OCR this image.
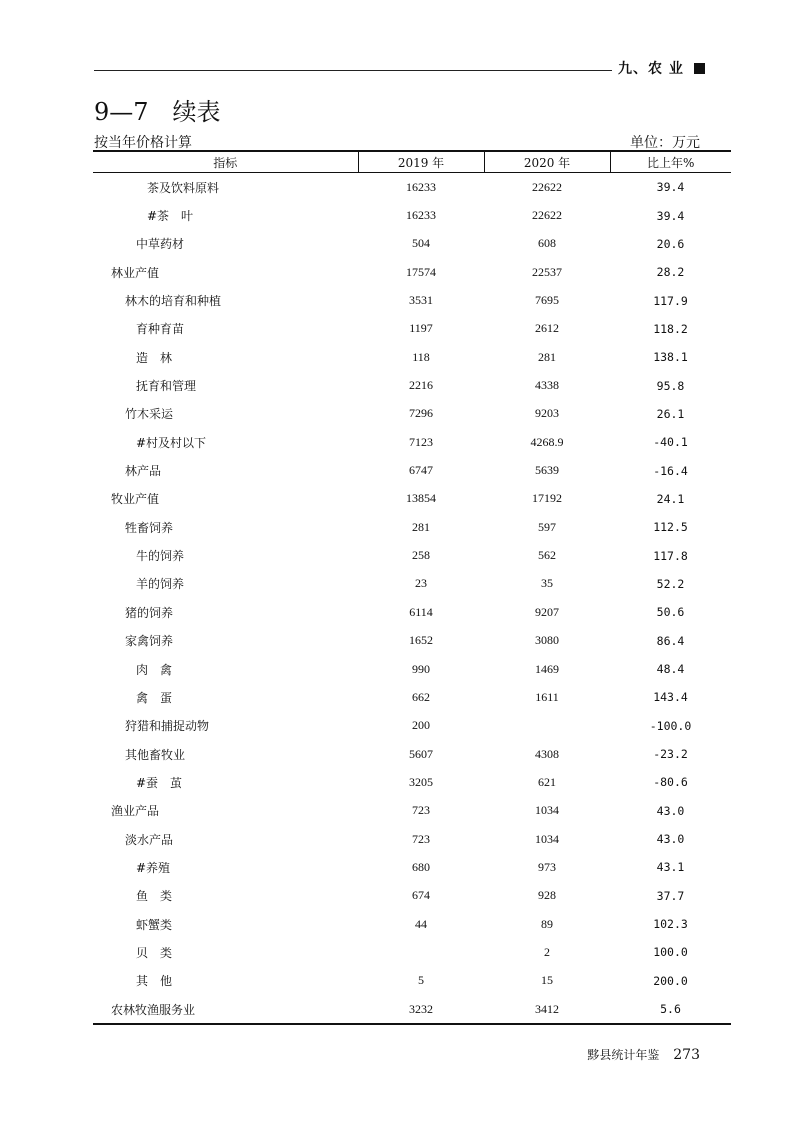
九、农 业
9—7　续表
按当年价格计算	单位：万元
指标	2019 年	2020 年	比上年%
茶及饮料原料	16233	22622	39.4
#茶　叶	16233	22622	39.4
中草药材	504	608	20.6
林业产值	17574	22537	28.2
林木的培育和种植	3531	7695	117.9
育种育苗	1197	2612	118.2
造　林	118	281	138.1
抚育和管理	2216	4338	95.8
竹木采运	7296	9203	26.1
#村及村以下	7123	4268.9	-40.1
林产品	6747	5639	-16.4
牧业产值	13854	17192	24.1
牲畜饲养	281	597	112.5
牛的饲养	258	562	117.8
羊的饲养	23	35	52.2
猪的饲养	6114	9207	50.6
家禽饲养	1652	3080	86.4
肉　禽	990	1469	48.4
禽　蛋	662	1611	143.4
狩猎和捕捉动物	200		-100.0
其他畜牧业	5607	4308	-23.2
#蚕　茧	3205	621	-80.6
渔业产品	723	1034	43.0
淡水产品	723	1034	43.0
#养殖	680	973	43.1
鱼　类	674	928	37.7
虾蟹类	44	89	102.3
贝　类		2	100.0
其　他	5	15	200.0
农林牧渔服务业	3232	3412	5.6
黟县统计年鉴 273
